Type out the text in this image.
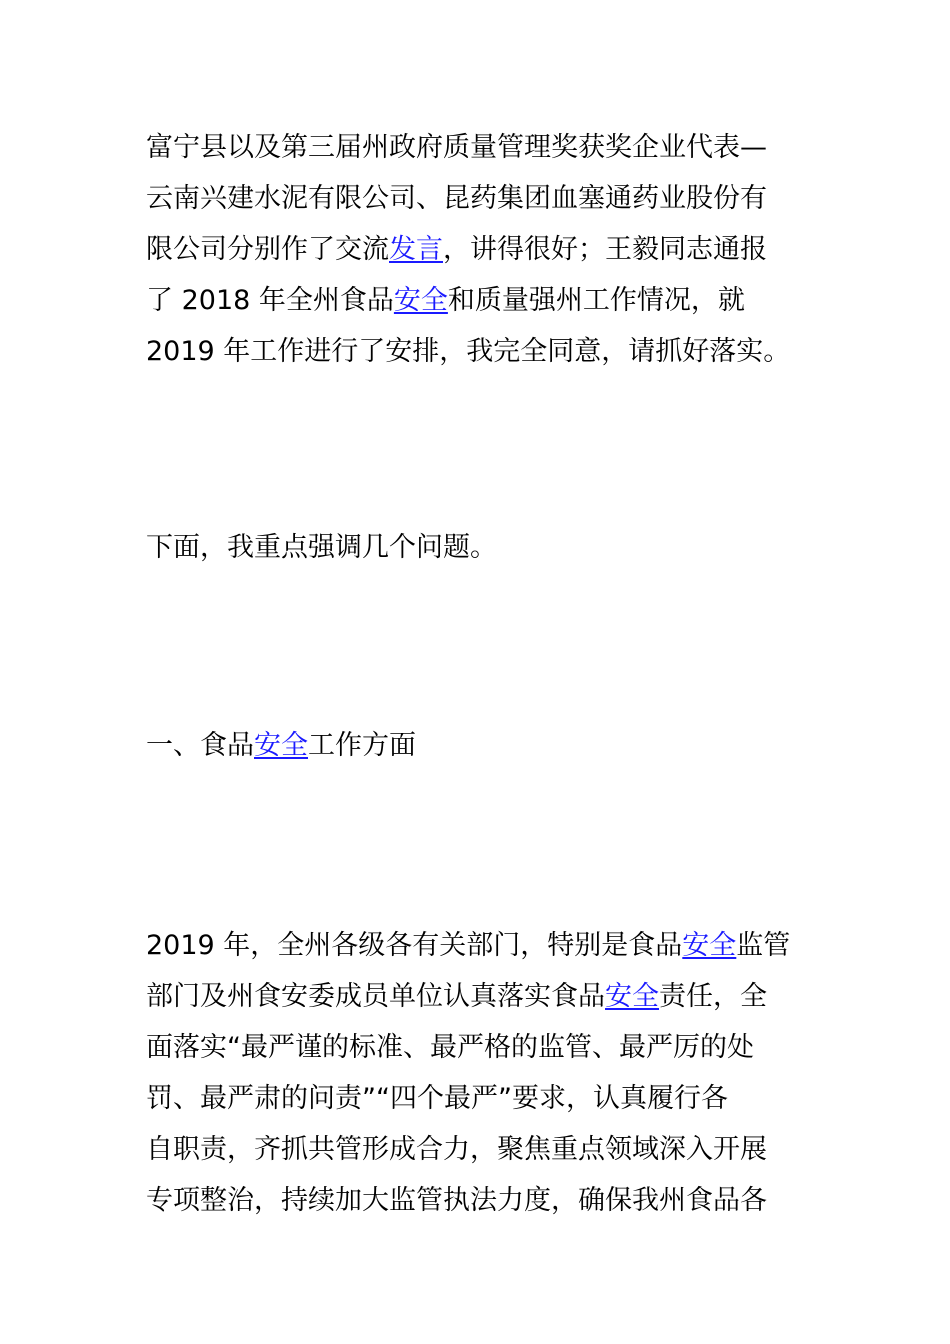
富宁县以及第三届州政府质量管理奖获奖企业代表—
云南兴建水泥有限公司、昆药集团血塞通药业股份有
限公司分别作了交流发言，讲得很好；王毅同志通报
了 2018 年全州食品安全和质量强州工作情况，就
2019 年工作进行了安排，我完全同意，请抓好落实。

下面，我重点强调几个问题。

一、食品安全工作方面

2019 年，全州各级各有关部门，特别是食品安全监管
部门及州食安委成员单位认真落实食品安全责任，全
面落实“最严谨的标准、最严格的监管、最严厉的处
罚、最严肃的问责”“四个最严”要求，认真履行各
自职责，齐抓共管形成合力，聚焦重点领域深入开展
专项整治，持续加大监管执法力度，确保我州食品各
